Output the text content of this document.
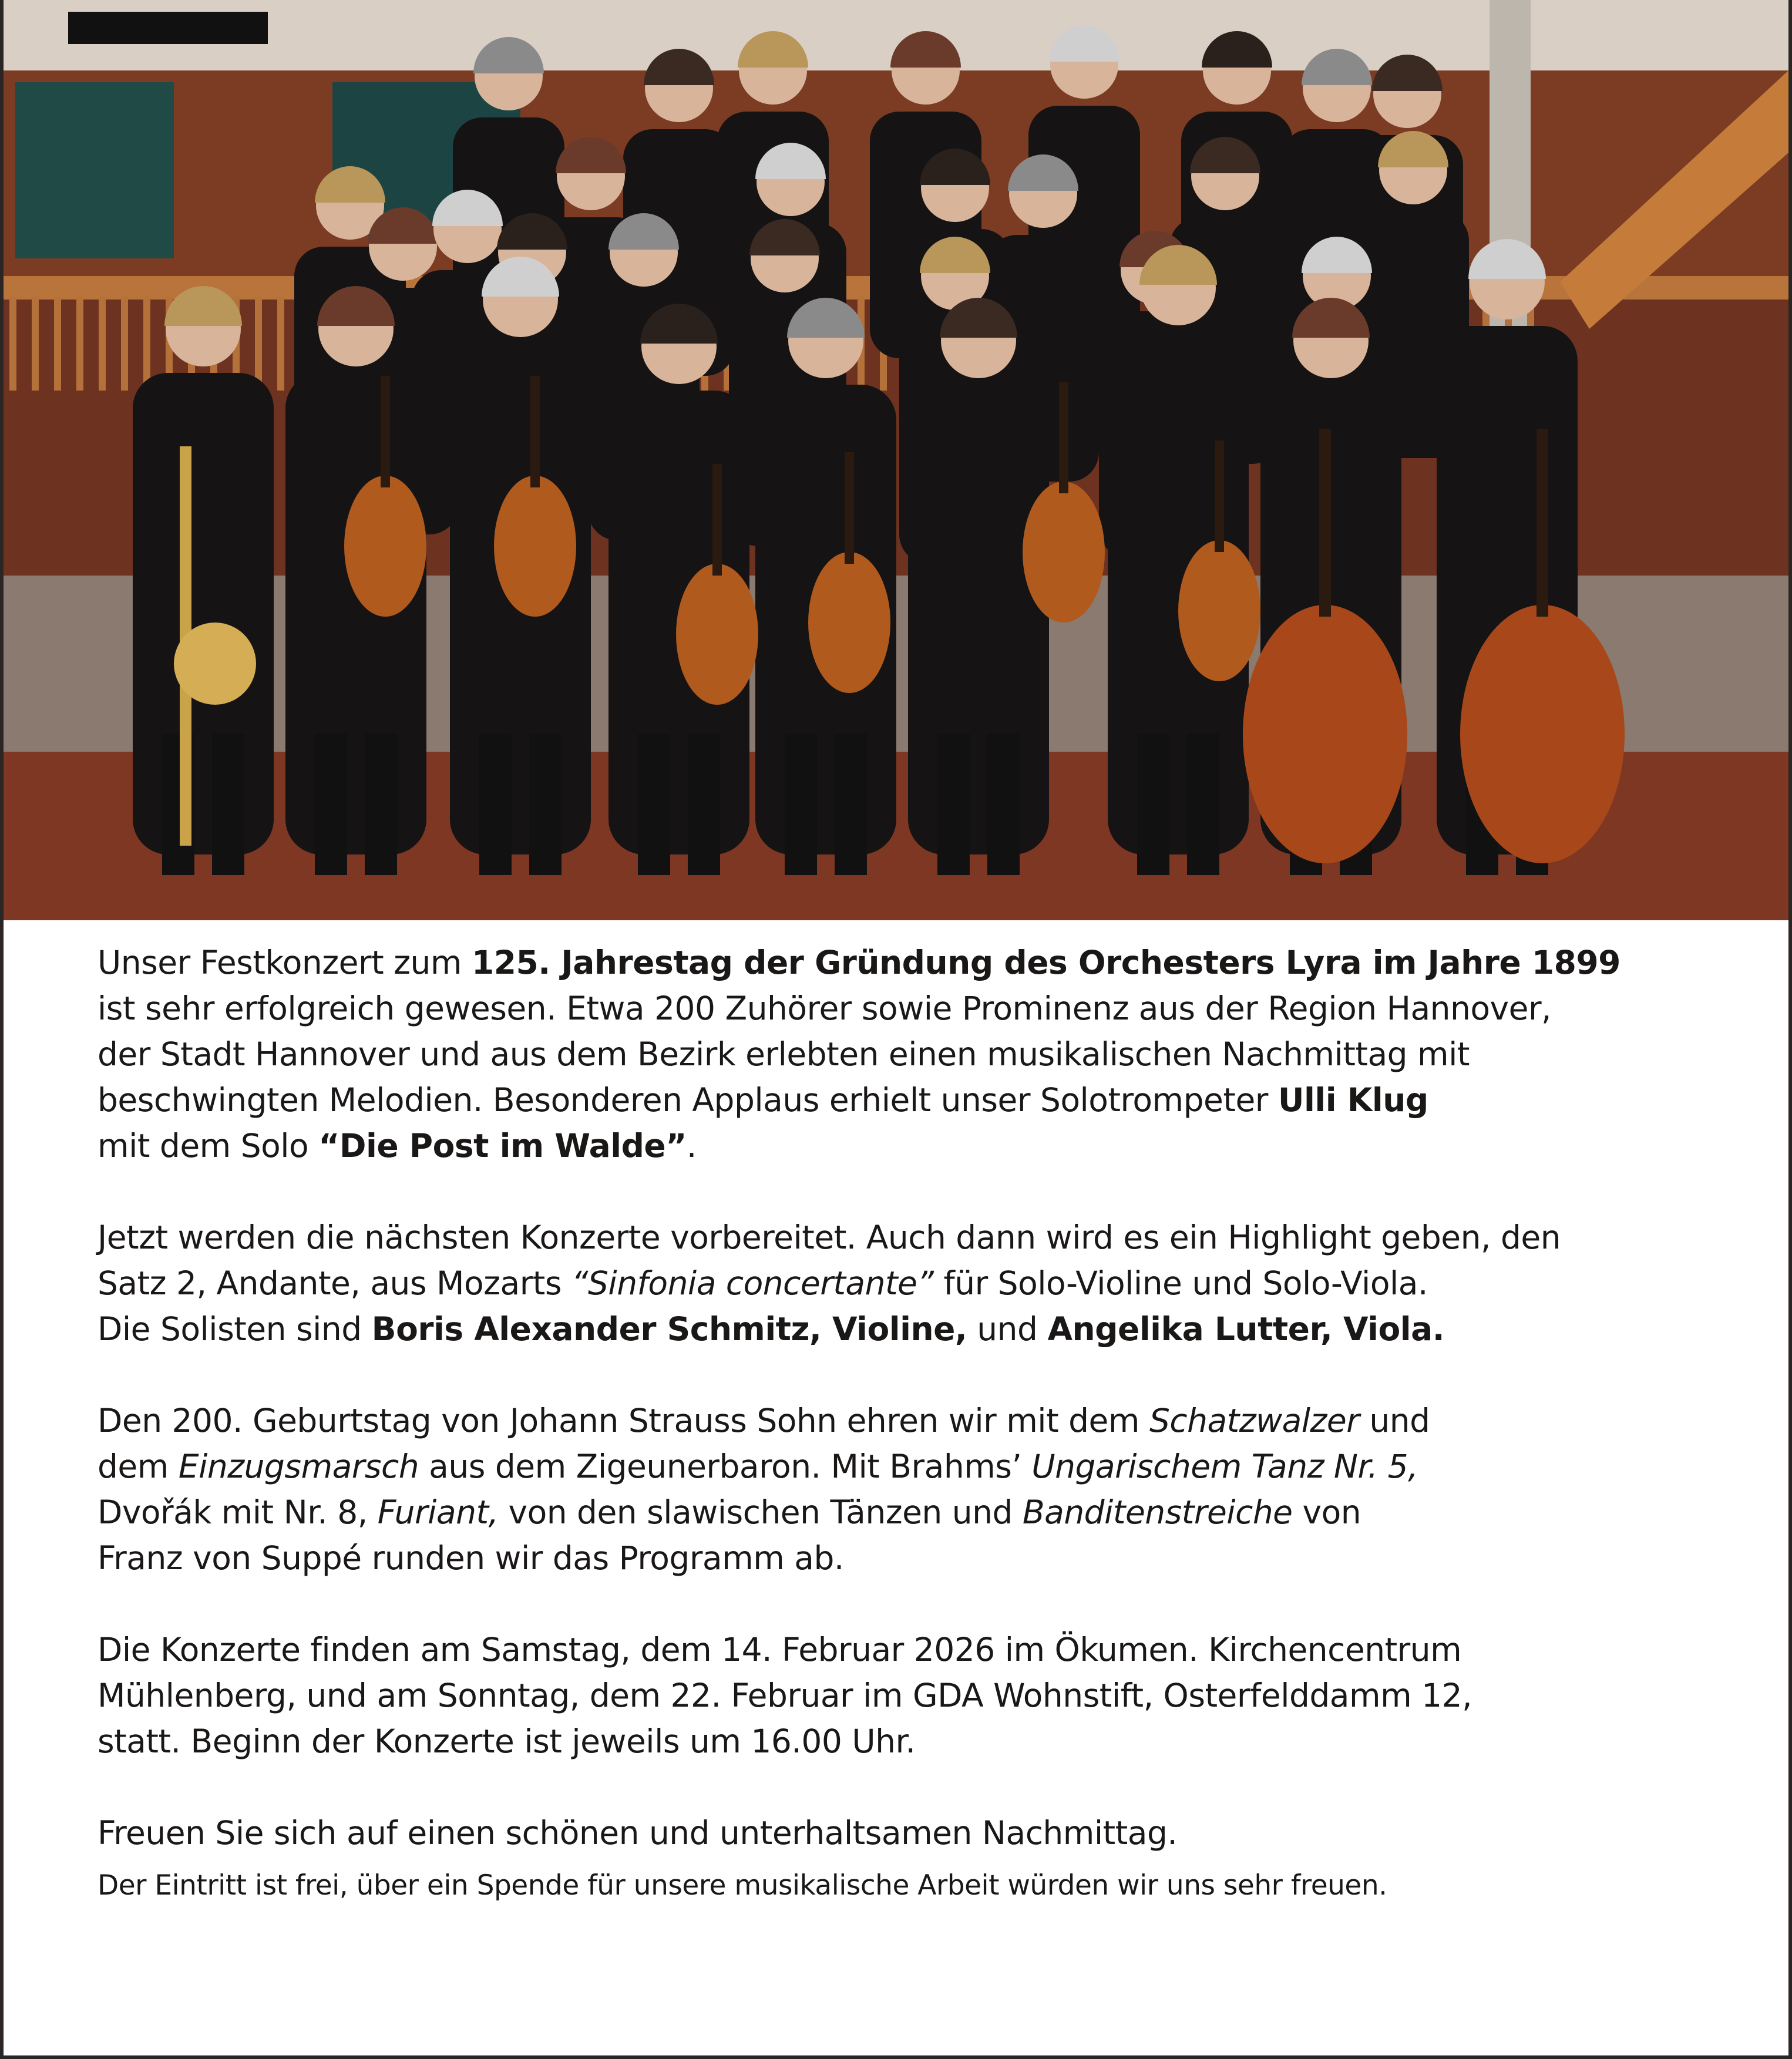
Unser Festkonzert zum 125. Jahrestag der Gründung des Orchesters Lyra im Jahre 1899
ist sehr erfolgreich gewesen. Etwa 200 Zuhörer sowie Prominenz aus der Region Hannover,
der Stadt Hannover und aus dem Bezirk erlebten einen musikalischen Nachmittag mit
beschwingten Melodien. Besonderen Applaus erhielt unser Solotrompeter Ulli Klug
mit dem Solo “Die Post im Walde”.
Jetzt werden die nächsten Konzerte vorbereitet. Auch dann wird es ein Highlight geben, den
Satz 2, Andante, aus Mozarts “Sinfonia concertante” für Solo-Violine und Solo-Viola.
Die Solisten sind Boris Alexander Schmitz, Violine, und Angelika Lutter, Viola.
Den 200. Geburtstag von Johann Strauss Sohn ehren wir mit dem Schatzwalzer und
dem Einzugsmarsch aus dem Zigeunerbaron. Mit Brahms’ Ungarischem Tanz Nr. 5,
Dvořák mit Nr. 8, Furiant, von den slawischen Tänzen und Banditenstreiche von
Franz von Suppé runden wir das Programm ab.
Die Konzerte finden am Samstag, dem 14. Februar 2026 im Ökumen. Kirchencentrum
Mühlenberg, und am Sonntag, dem 22. Februar im GDA Wohnstift, Osterfelddamm 12,
statt. Beginn der Konzerte ist jeweils um 16.00 Uhr.
Freuen Sie sich auf einen schönen und unterhaltsamen Nachmittag.
Der Eintritt ist frei, über ein Spende für unsere musikalische Arbeit würden wir uns sehr freuen.
